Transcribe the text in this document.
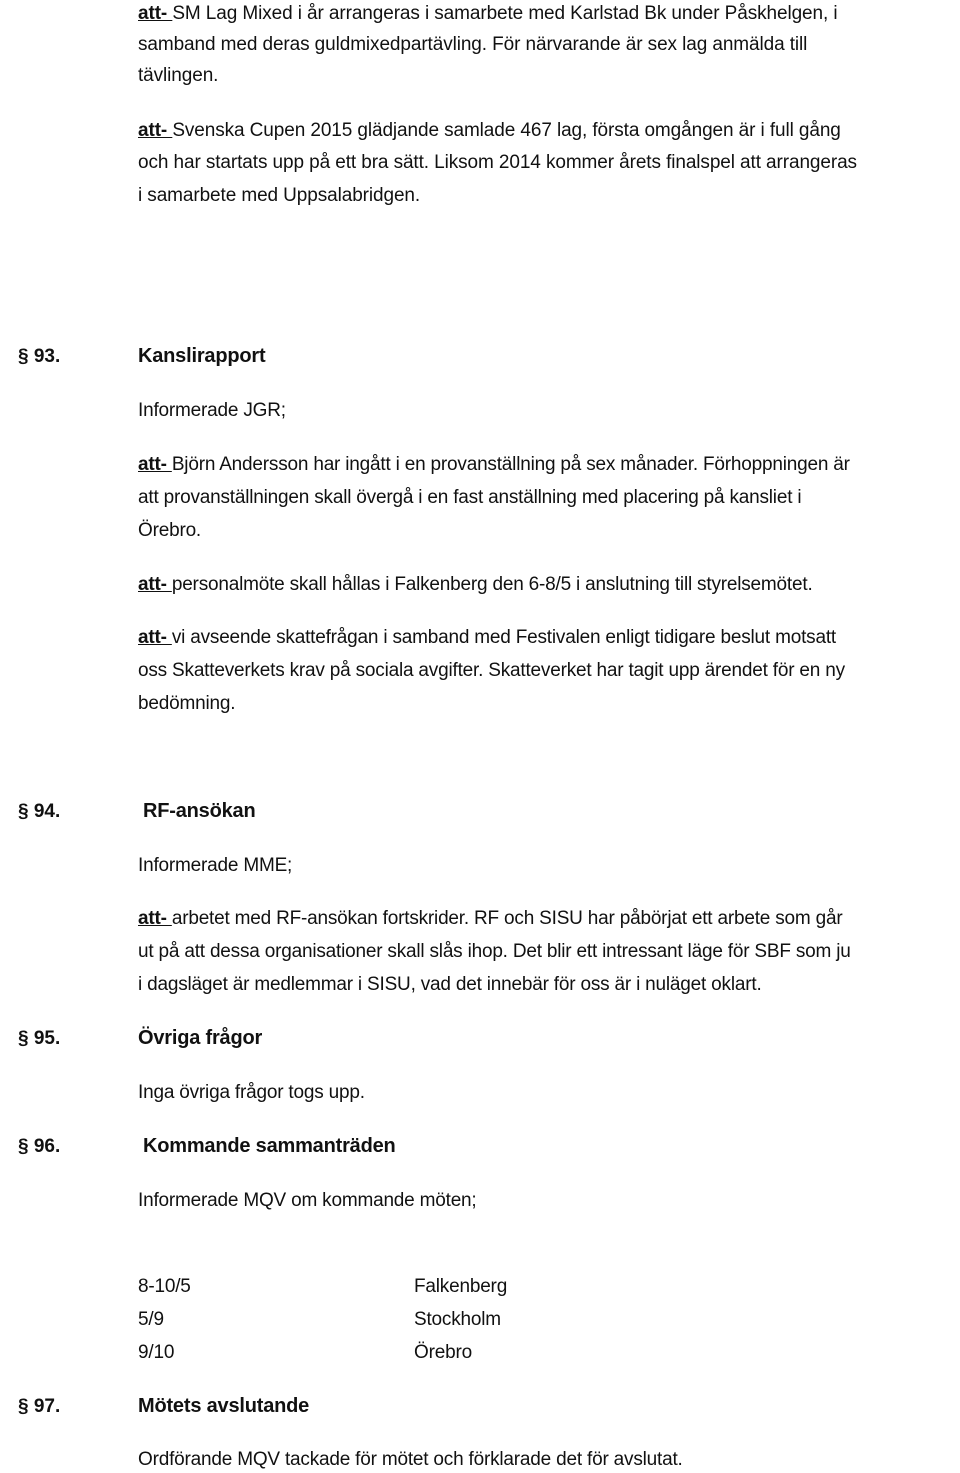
att- SM Lag Mixed i år arrangeras i samarbete med Karlstad Bk under Påskhelgen, i
samband med deras guldmixedpartävling. För närvarande är sex lag anmälda till
tävlingen.
att- Svenska Cupen 2015 glädjande samlade 467 lag, första omgången är i full gång
och har startats upp på ett bra sätt. Liksom 2014 kommer årets finalspel att arrangeras
i samarbete med Uppsalabridgen.
§ 93.	Kanslirapport
Informerade JGR;
att- Björn Andersson har ingått i en provanställning på sex månader. Förhoppningen är
att provanställningen skall övergå i en fast anställning med placering på kansliet i
Örebro.
att- personalmöte skall hållas i Falkenberg den 6-8/5 i anslutning till styrelsemötet.
att- vi avseende skattefrågan i samband med Festivalen enligt tidigare beslut motsatt
oss Skatteverkets krav på sociala avgifter. Skatteverket har tagit upp ärendet för en ny
bedömning.
§ 94.	RF-ansökan
Informerade MME;
att- arbetet med RF-ansökan fortskrider. RF och SISU har påbörjat ett arbete som går
ut på att dessa organisationer skall slås ihop. Det blir ett intressant läge för SBF som ju
i dagsläget är medlemmar i SISU, vad det innebär för oss är i nuläget oklart.
§ 95.	Övriga frågor
Inga övriga frågor togs upp.
§ 96.	Kommande sammanträden
Informerade MQV om kommande möten;
8-10/5	Falkenberg
5/9	Stockholm
9/10	Örebro
§ 97.	Mötets avslutande
Ordförande MQV tackade för mötet och förklarade det för avslutat.
